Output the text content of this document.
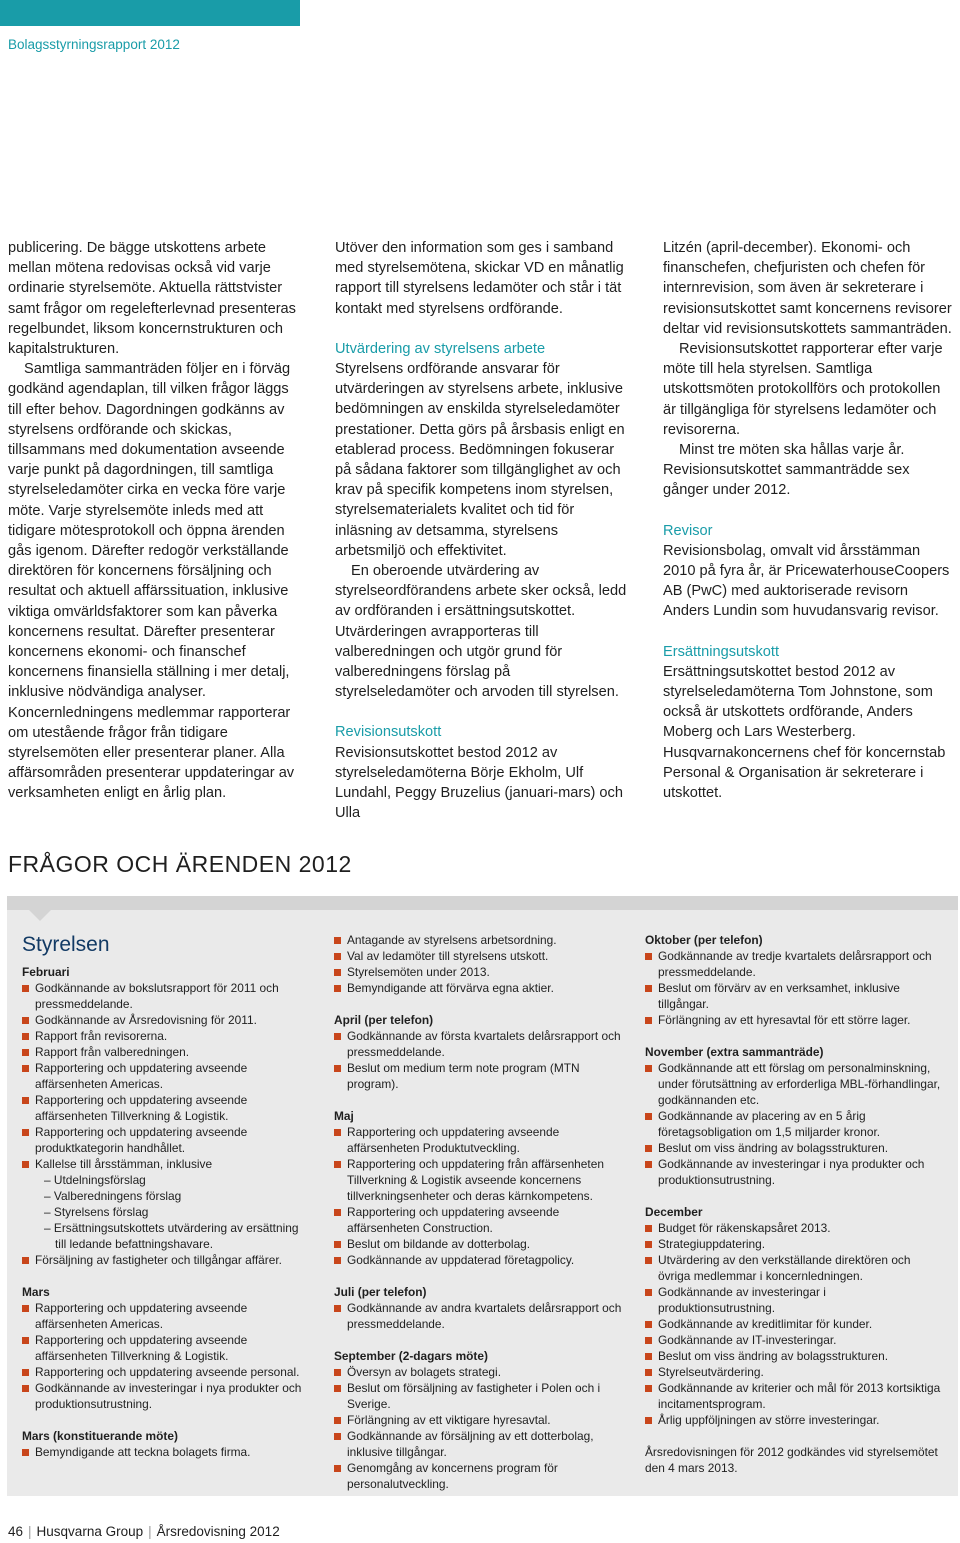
Bolagsstyrningsrapport 2012

publicering. De bägge utskottens arbete mellan mötena redovisas också vid varje ordinarie styrelsemöte. Aktuella rättstvister samt frågor om regelefterlevnad presenteras regelbundet, liksom koncernstrukturen och kapitalstrukturen.

Samtliga sammanträden följer en i förväg godkänd agendaplan, till vilken frågor läggs till efter behov. Dagordningen godkänns av styrelsens ordförande och skickas, tillsammans med dokumentation avseende varje punkt på dagordningen, till samtliga styrelseledamöter cirka en vecka före varje möte. Varje styrelsemöte inleds med att tidigare mötesprotokoll och öppna ärenden gås igenom. Därefter redogör verkställande direktören för koncernens försäljning och resultat och aktuell affärssituation, inklusive viktiga omvärldsfaktorer som kan påverka koncernens resultat. Därefter presenterar koncernens ekonomi- och finanschef koncernens finansiella ställning i mer detalj, inklusive nödvändiga analyser. Koncernledningens medlemmar rapporterar om utestående frågor från tidigare styrelsemöten eller presenterar planer. Alla affärsområden presenterar uppdateringar av verksamheten enligt en årlig plan.

Utöver den information som ges i samband med styrelsemötena, skickar VD en månatlig rapport till styrelsens ledamöter och står i tät kontakt med styrelsens ordförande.

Utvärdering av styrelsens arbete

Styrelsens ordförande ansvarar för utvärderingen av styrelsens arbete, inklusive bedömningen av enskilda styrelseledamöter prestationer. Detta görs på årsbasis enligt en etablerad process. Bedömningen fokuserar på sådana faktorer som tillgänglighet av och krav på specifik kompetens inom styrelsen, styrelsematerialets kvalitet och tid för inläsning av detsamma, styrelsens arbetsmiljö och effektivitet.

En oberoende utvärdering av styrelseordförandens arbete sker också, ledd av ordföranden i ersättningsutskottet. Utvärderingen avrapporteras till valberedningen och utgör grund för valberedningens förslag på styrelseledamöter och arvoden till styrelsen.

Revisionsutskott

Revisionsutskottet bestod 2012 av styrelseledamöterna Börje Ekholm, Ulf Lundahl, Peggy Bruzelius (januari-mars) och Ulla

Litzén (april-december). Ekonomi- och finanschefen, chefjuristen och chefen för internrevision, som även är sekreterare i revisionsutskottet samt koncernens revisorer deltar vid revisionsutskottets sammanträden.

Revisionsutskottet rapporterar efter varje möte till hela styrelsen. Samtliga utskottsmöten protokollförs och protokollen är tillgängliga för styrelsens ledamöter och revisorerna.

Minst tre möten ska hållas varje år. Revisionsutskottet sammanträdde sex gånger under 2012.

Revisor

Revisionsbolag, omvalt vid årsstämman 2010 på fyra år, är PricewaterhouseCoopers AB (PwC) med auktoriserade revisorn Anders Lundin som huvudansvarig revisor.

Ersättningsutskott

Ersättningsutskottet bestod 2012 av styrelseledamöterna Tom Johnstone, som också är utskottets ordförande, Anders Moberg och Lars Westerberg. Husqvarnakoncernens chef för koncernstab Personal & Organisation är sekreterare i utskottet.

FRÅGOR OCH ÄRENDEN 2012
Styrelsen
Februari
Godkännande av bokslutsrapport för 2011 och pressmeddelande.
Godkännande av Årsredovisning för 2011.
Rapport från revisorerna.
Rapport från valberedningen.
Rapportering och uppdatering avseende affärsenheten Americas.
Rapportering och uppdatering avseende affärsenheten Tillverkning & Logistik.
Rapportering och uppdatering avseende produktkategorin handhållet.
Kallelse till årsstämman, inklusive
– Utdelningsförslag
– Valberedningens förslag
– Styrelsens förslag
– Ersättningsutskottets utvärdering av ersättning
till ledande befattningshavare.
Försäljning av fastigheter och tillgångar affärer.
Mars
Rapportering och uppdatering avseende affärsenheten Americas.
Rapportering och uppdatering avseende affärsenheten Tillverkning & Logistik.
Rapportering och uppdatering avseende personal.
Godkännande av investeringar i nya produkter och produktionsutrustning.
Mars (konstituerande möte)
Bemyndigande att teckna bolagets firma.
Antagande av styrelsens arbetsordning.
Val av ledamöter till styrelsens utskott.
Styrelsemöten under 2013.
Bemyndigande att förvärva egna aktier.
April (per telefon)
Godkännande av första kvartalets delårsrapport och pressmeddelande.
Beslut om medium term note program (MTN program).
Maj
Rapportering och uppdatering avseende affärsenheten Produktutveckling.
Rapportering och uppdatering från affärsenheten Tillverkning & Logistik avseende koncernens tillverkningsenheter och deras kärnkompetens.
Rapportering och uppdatering avseende affärsenheten Construction.
Beslut om bildande av dotterbolag.
Godkännande av uppdaterad företagpolicy.
Juli (per telefon)
Godkännande av andra kvartalets delårsrapport och pressmeddelande.
September (2-dagars möte)
Översyn av bolagets strategi.
Beslut om försäljning av fastigheter i Polen och i Sverige.
Förlängning av ett viktigare hyresavtal.
Godkännande av försäljning av ett dotterbolag, inklusive tillgångar.
Genomgång av koncernens program för personalutveckling.
Oktober (per telefon)
Godkännande av tredje kvartalets delårsrapport och pressmeddelande.
Beslut om förvärv av en verksamhet, inklusive tillgångar.
Förlängning av ett hyresavtal för ett större lager.
November (extra sammanträde)
Godkännande att ett förslag om personalminskning, under förutsättning av erforderliga MBL-förhandlingar, godkännanden etc.
Godkännande av placering av en 5 årig företagsobligation om 1,5 miljarder kronor.
Beslut om viss ändring av bolagsstrukturen.
Godkännande av investeringar i nya produkter och produktionsutrustning.
December
Budget för räkenskapsåret 2013.
Strategiuppdatering.
Utvärdering av den verkställande direktören och övriga medlemmar i koncernledningen.
Godkännande av investeringar i produktionsutrustning.
Godkännande av kreditlimitar för kunder.
Godkännande av IT-investeringar.
Beslut om viss ändring av bolagsstrukturen.
Styrelseutvärdering.
Godkännande av kriterier och mål för 2013 kortsiktiga incitamentsprogram.
Årlig uppföljningen av större investeringar.

Årsredovisningen för 2012 godkändes vid styrelsemötet den 4 mars 2013.

46 | Husqvarna Group | Årsredovisning 2012
